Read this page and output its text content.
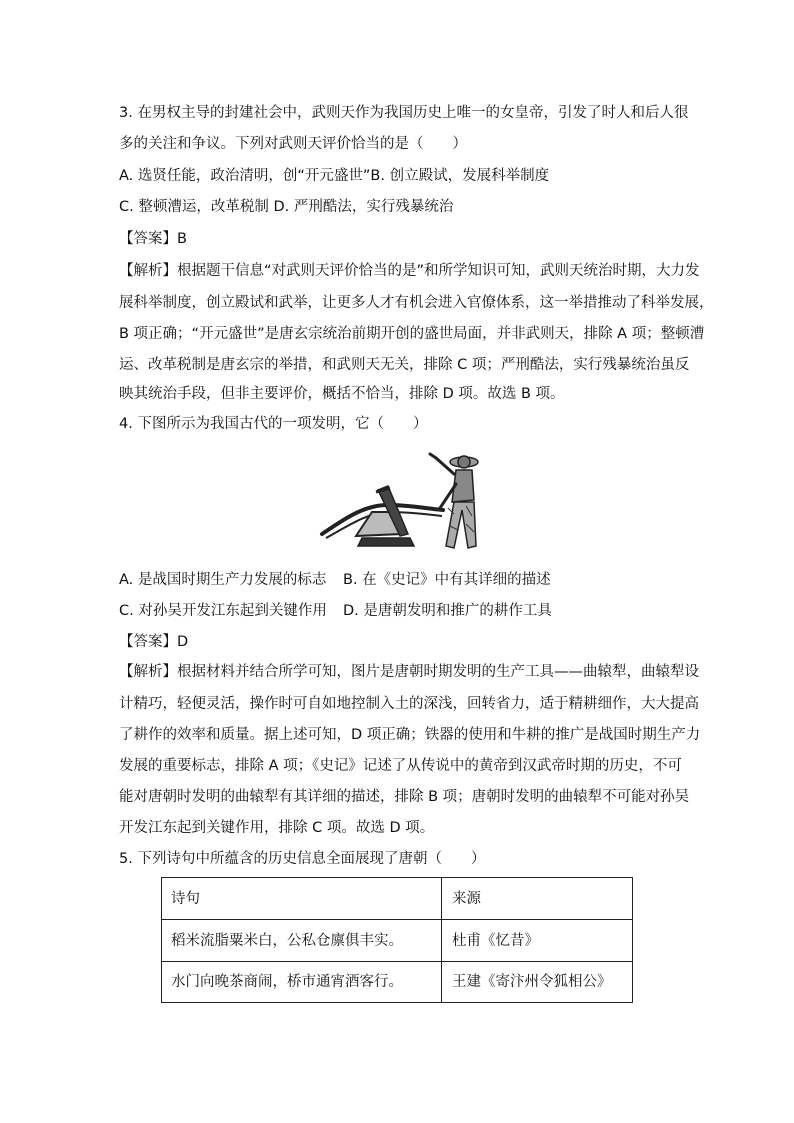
3. 在男权主导的封建社会中，武则天作为我国历史上唯一的女皇帝，引发了时人和后人很
多的关注和争议。下列对武则天评价恰当的是（　　）
A. 选贤任能，政治清明，创“开元盛世”B. 创立殿试，发展科举制度
C. 整顿漕运，改革税制 D. 严刑酷法，实行残暴统治
【答案】B
【解析】根据题干信息“对武则天评价恰当的是”和所学知识可知，武则天统治时期，大力发
展科举制度，创立殿试和武举，让更多人才有机会进入官僚体系，这一举措推动了科举发展，
B 项正确；“开元盛世”是唐玄宗统治前期开创的盛世局面，并非武则天，排除 A 项；整顿漕
运、改革税制是唐玄宗的举措，和武则天无关，排除 C 项；严刑酷法，实行残暴统治虽反
映其统治手段，但非主要评价，概括不恰当，排除 D 项。故选 B 项。
4. 下图所示为我国古代的一项发明，它（　　）
A. 是战国时期生产力发展的标志 B. 在《史记》中有其详细的描述
C. 对孙吴开发江东起到关键作用 D. 是唐朝发明和推广的耕作工具
【答案】D
【解析】根据材料并结合所学可知，图片是唐朝时期发明的生产工具——曲辕犁，曲辕犁设
计精巧，轻便灵活，操作时可自如地控制入土的深浅，回转省力，适于精耕细作，大大提高
了耕作的效率和质量。据上述可知，D 项正确；铁器的使用和牛耕的推广是战国时期生产力
发展的重要标志，排除 A 项；《史记》记述了从传说中的黄帝到汉武帝时期的历史，不可
能对唐朝时发明的曲辕犁有其详细的描述，排除 B 项；唐朝时发明的曲辕犁不可能对孙吴
开发江东起到关键作用，排除 C 项。故选 D 项。
5. 下列诗句中所蕴含的历史信息全面展现了唐朝（　　）
诗句	来源
稻米流脂粟米白，公私仓廪俱丰实。	杜甫《忆昔》
水门向晚茶商闹，桥市通宵酒客行。	王建《寄汴州令狐相公》
